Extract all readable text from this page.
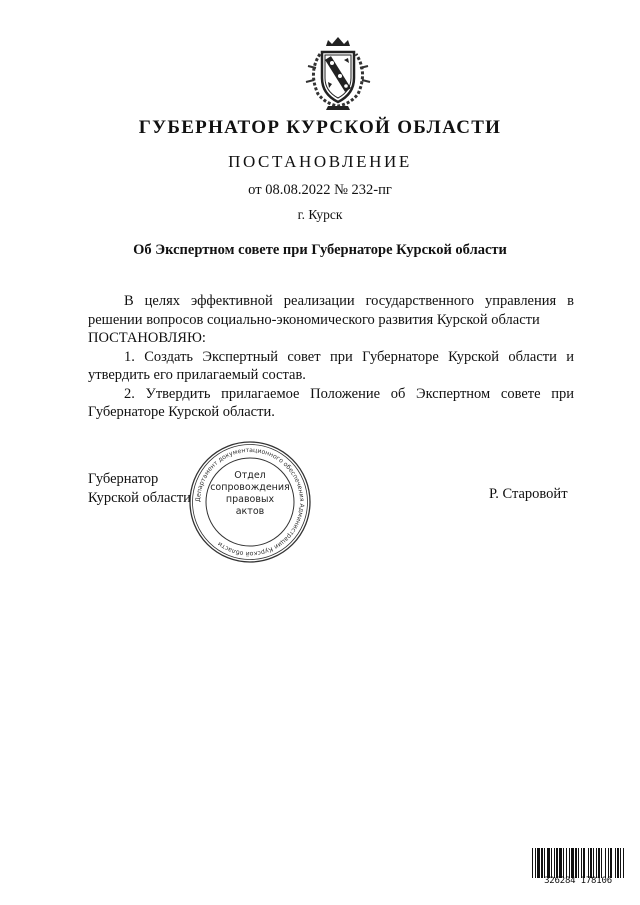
ГУБЕРНАТОР КУРСКОЙ ОБЛАСТИ
ПОСТАНОВЛЕНИЕ
от 08.08.2022 № 232-пг
г. Курск
Об Экспертном совете при Губернаторе Курской области

В целях эффективной реализации государственного управления в решении вопросов социально-экономического развития Курской области

ПОСТАНОВЛЯЮ:

1. Создать Экспертный совет при Губернаторе Курской области и утвердить его прилагаемый состав.

2. Утвердить прилагаемое Положение об Экспертном совете при Губернаторе Курской области.

Губернатор
Курской области	Р. Старовойт
Департамент документационного обеспечения Администрации Курской области
Отдел
сопровождения
правовых
актов
326284 178106
